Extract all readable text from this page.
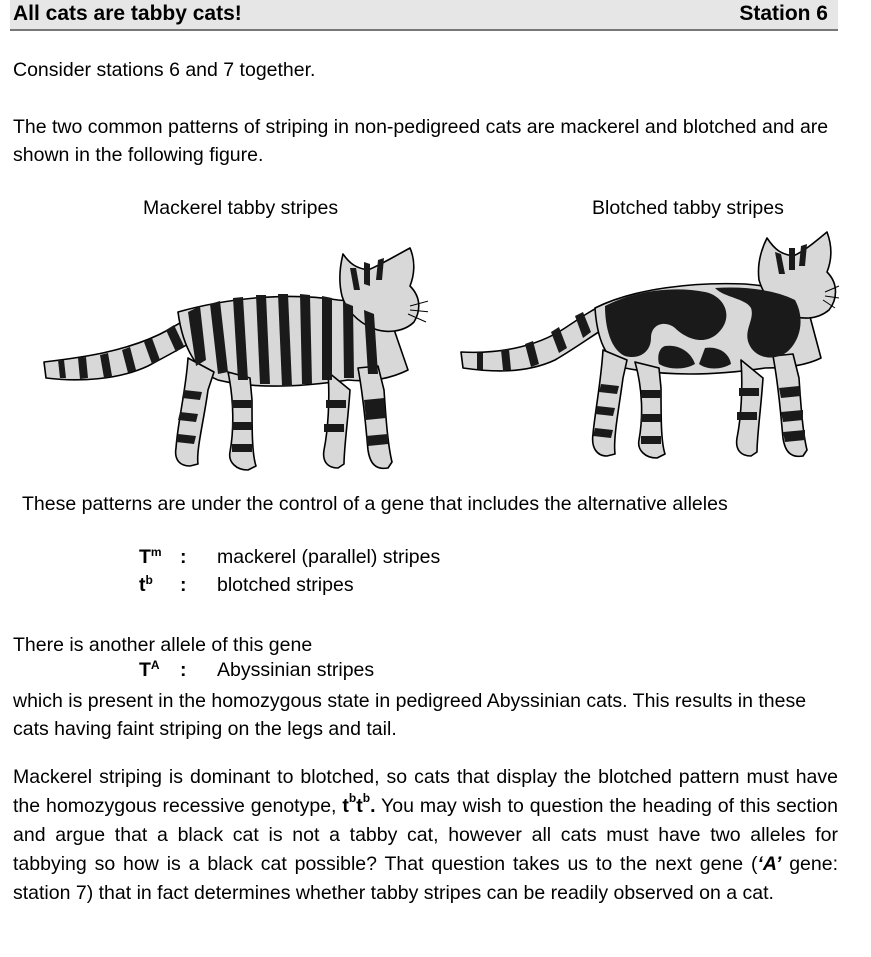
All cats are tabby cats!	Station 6
Consider stations 6 and 7 together.
The two common patterns of striping in non-pedigreed cats are mackerel and blotched and are shown in the following figure.
Mackerel tabby stripes	Blotched tabby stripes
These patterns are under the control of a gene that includes the alternative alleles
$T^m$ : mackerel (parallel) stripes
$t^b$ : blotched stripes
There is another allele of this gene
$T^A$ : Abyssinian stripes
which is present in the homozygous state in pedigreed Abyssinian cats. This results in these cats having faint striping on the legs and tail.
Mackerel striping is dominant to blotched, so cats that display the blotched pattern must have the homozygous recessive genotype, $t^bt^b$. You may wish to question the heading of this section and argue that a black cat is not a tabby cat, however all cats must have two alleles for tabbying so how is a black cat possible? That question takes us to the next gene (‘A’ gene: station 7) that in fact determines whether tabby stripes can be readily observed on a cat.
